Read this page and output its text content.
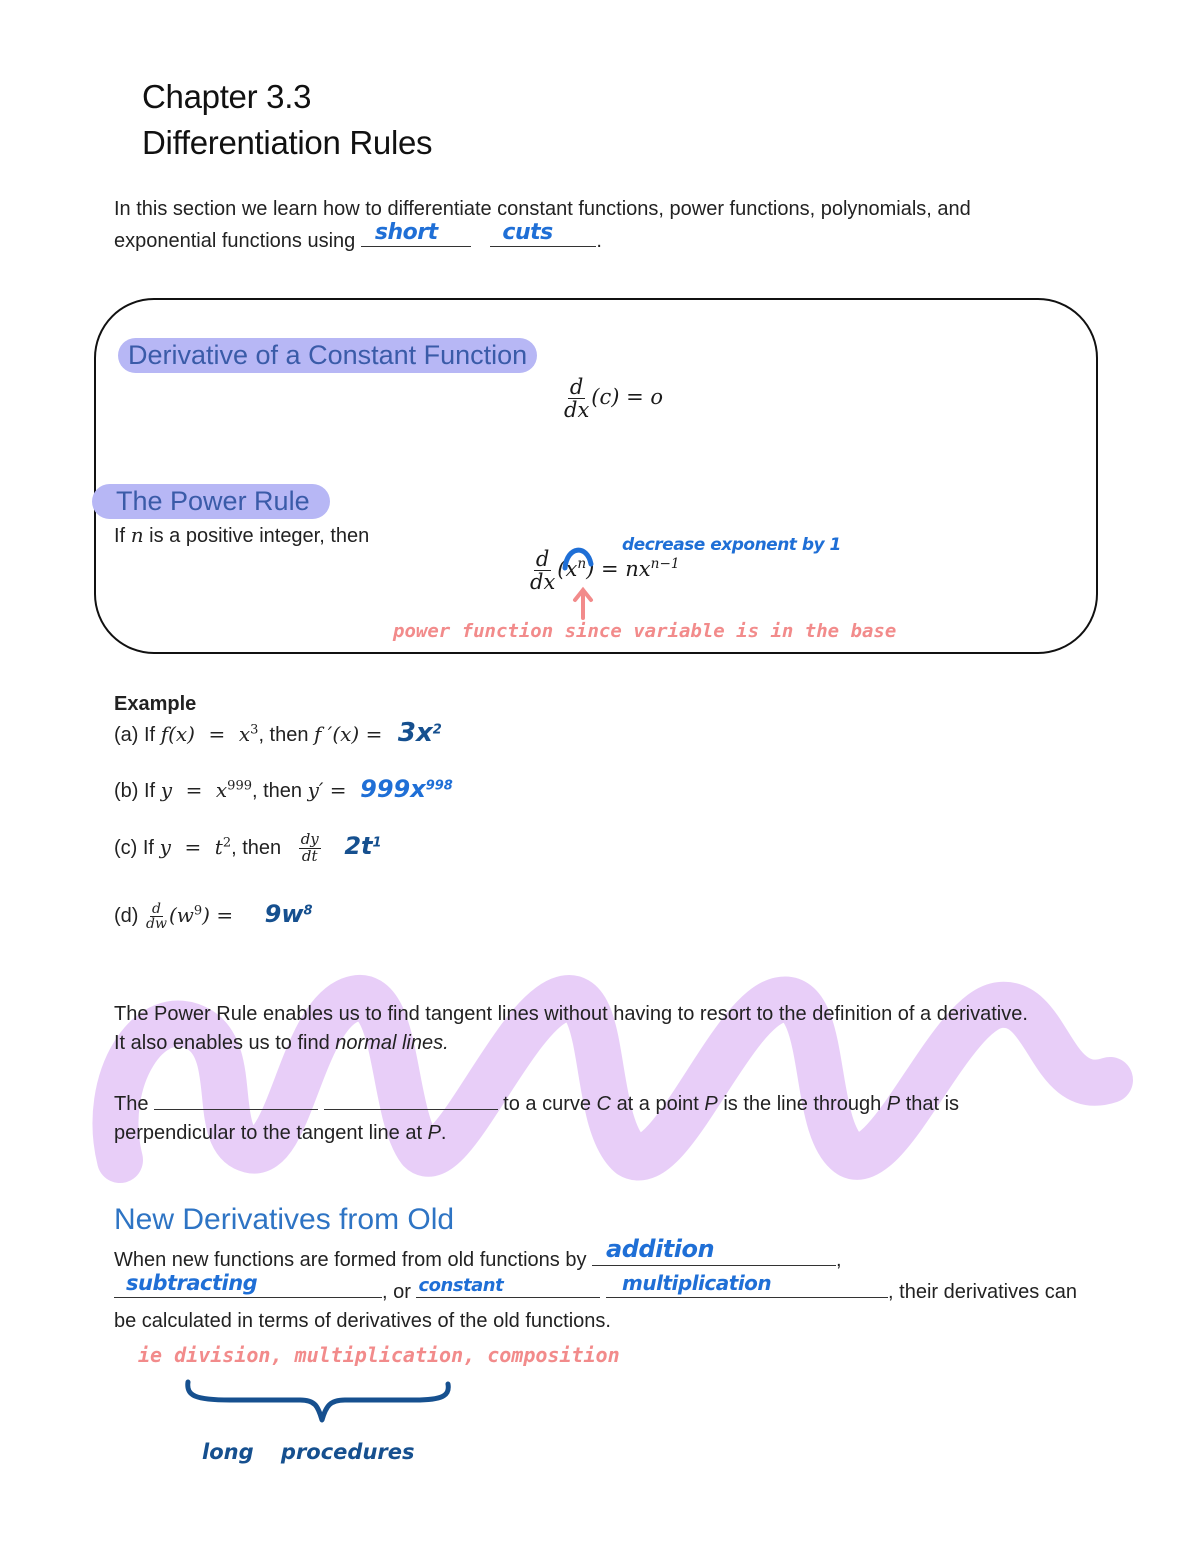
Chapter 3.3
Differentiation Rules
In this section we learn how to differentiate constant functions, power functions, polynomials, and
exponential functions using short
	cuts .
Derivative of a Constant Function
$\frac{d}{dx} (c) = o$
The Power Rule
If n is a positive integer, then
$\frac{d}{dx} (x^n) = nx^{n-1}$
decrease exponent by 1
power function since variable is in the base
Example
(a) If $f(x) = x^3$, then f $'(x) = 3x^2$
(b) If $y = x^{999}$, then $y' = 999x^{998}$
(c) If $y = t^2$, then $\frac{dy}{dt} 2t^1$
$(d) \frac{d}{dw} (w^9) = 9w^8$
The Power Rule enables us to find tangent lines without having to resort to the definition of a derivative.
It also enables us to find normal lines.
The	to a curve C at a point P is the line through P that is
perpendicular to the tangent line at P.
New Derivatives from Old
When new functions are formed from old functions by addition	,
subtracting	, or constant
	multiplication	, their derivatives can
be calculated in terms of derivatives of the old functions.
ie division, multiplication, composition
long procedures
